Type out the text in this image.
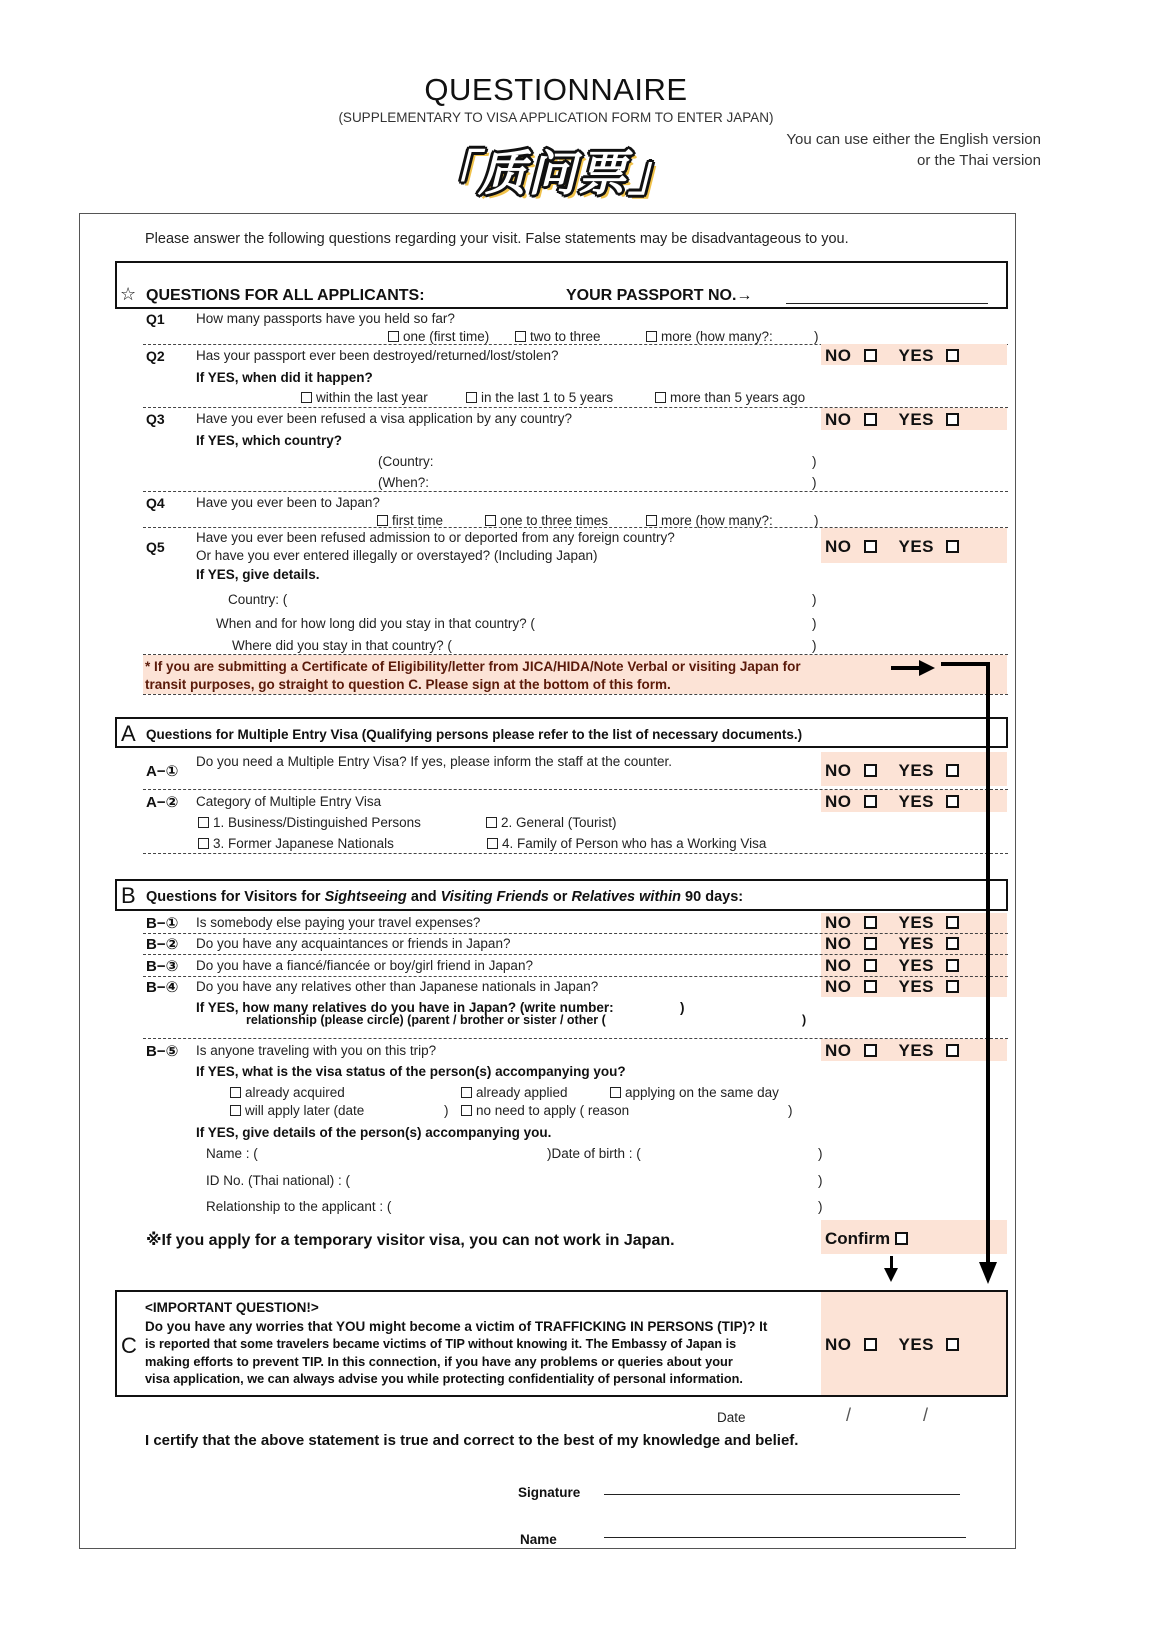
QUESTIONNAIRE
(SUPPLEMENTARY TO VISA APPLICATION FORM TO ENTER JAPAN)
You can use either the English version
or the Thai version
「质问票」
Please answer the following questions regarding your visit. False statements may be disadvantageous to you.
☆ QUESTIONS FOR ALL APPLICANTS:	YOUR PASSPORT NO.→
Q1 How many passports have you held so far?
one (first time)	two to three	more (how many?:	)
Q2 Has your passport ever been destroyed/returned/lost/stolen?	NO	YES
If YES, when did it happen?
within the last year	in the last 1 to 5 years	more than 5 years ago
Q3 Have you ever been refused a visa application by any country?	NO	YES
If YES, which country?
(Country:	)
(When?:	)
Q4 Have you ever been to Japan?
first time	one to three times	more (how many?:	)
Q5
Have you ever been refused admission to or deported from any foreign country?
Or have you ever entered illegally or overstayed? (Including Japan)	NO	YES
If YES, give details.
Country: (	)
When and for how long did you stay in that country? (	)
Where did you stay in that country? (	)
* If you are submitting a Certificate of Eligibility/letter from JICA/HIDA/Note Verbal or visiting Japan for
transit purposes, go straight to question C. Please sign at the bottom of this form.
A Questions for Multiple Entry Visa (Qualifying persons please refer to the list of necessary documents.)
A−①
Do you need a Multiple Entry Visa? If yes, please inform the staff at the counter.	NO	YES
A−② Category of Multiple Entry Visa	NO	YES
1. Business/Distinguished Persons	2. General (Tourist)
3. Former Japanese Nationals	4. Family of Person who has a Working Visa
B Questions for Visitors for Sightseeing and Visiting Friends or Relatives within 90 days:
B−① Is somebody else paying your travel expenses?	NO	YES
B−② Do you have any acquaintances or friends in Japan?	NO	YES
B−③ Do you have a fiancé/fiancée or boy/girl friend in Japan?	NO	YES
B−④ Do you have any relatives other than Japanese nationals in Japan?	NO	YES
If YES, how many relatives do you have in Japan? (write number:	)
relationship (please circle) (parent / brother or sister / other (	)
B−⑤ Is anyone traveling with you on this trip?	NO	YES
If YES, what is the visa status of the person(s) accompanying you?
already acquired	already applied	applying on the same day
will apply later (date	)	no need to apply ( reason	)
If YES, give details of the person(s) accompanying you.
Name : (	)Date of birth : (	)
ID No. (Thai national) : (	)
Relationship to the applicant : (	)
※If you apply for a temporary visitor visa, you can not work in Japan.	Confirm
C
<IMPORTANT QUESTION!>
Do you have any worries that YOU might become a victim of TRAFFICKING IN PERSONS (TIP)? It
is reported that some travelers became victims of TIP without knowing it. The Embassy of Japan is
making efforts to prevent TIP. In this connection, if you have any problems or queries about your
visa application, we can always advise you while protecting confidentiality of personal information.
NO	YES
Date	/	/
I certify that the above statement is true and correct to the best of my knowledge and belief.
Signature
Name
